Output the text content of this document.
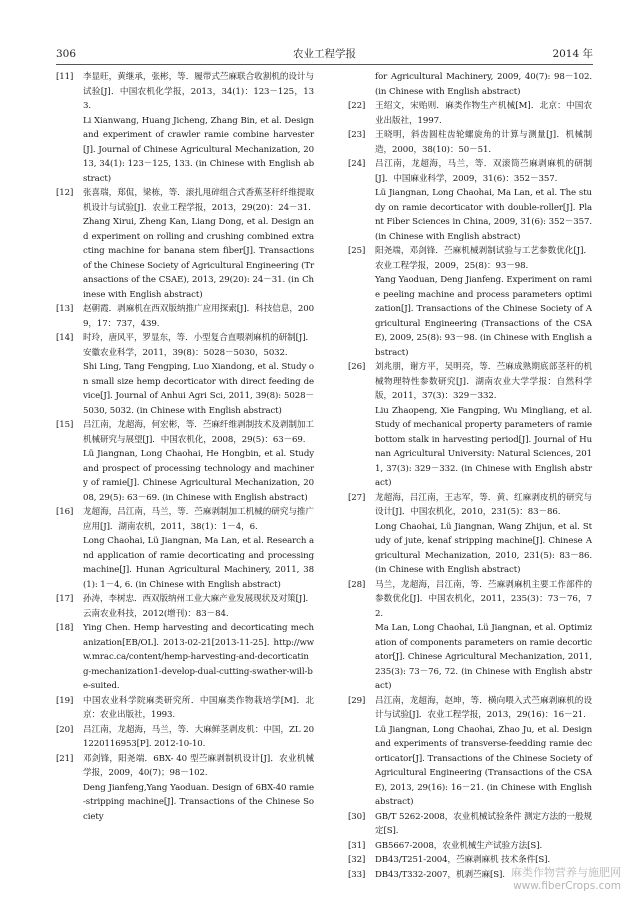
306	农业工程学报	2014 年
[11] 李显旺，黄继承，张彬，等．履带式苎麻联合收割机的设计与试验[J]．中国农机化学报，2013，34(1)：123－125，133.
Li Xianwang, Huang Jicheng, Zhang Bin, et al. Design and experiment of crawler ramie combine harvester[J]. Journal of Chinese Agricultural Mechanization, 2013, 34(1): 123－125, 133. (in Chinese with English abstract)
[12] 张喜瑞，郑侃，梁栋，等．滚扎甩碎组合式香蕉茎秆纤维提取机设计与试验[J]．农业工程学报，2013，29(20)：24－31.
Zhang Xirui, Zheng Kan, Liang Dong, et al. Design and experiment on rolling and crushing combined extracting machine for banana stem fiber[J]. Transactions of the Chinese Society of Agricultural Engineering (Transactions of the CSAE), 2013, 29(20): 24－31. (in Chinese with English abstract)
[13] 赵朝霞．剥麻机在西双版纳推广应用探索[J]．科技信息，2009，17：737，439.
[14] 时玲，唐风平，罗显东，等．小型复合直喂剥麻机的研制[J]．安徽农业科学，2011，39(8)：5028－5030，5032.
Shi Ling, Tang Fengping, Luo Xiandong, et al. Study on small size hemp decorticator with direct feeding device[J]. Journal of Anhui Agri Sci, 2011, 39(8): 5028－5030, 5032. (in Chinese with English abstract)
[15] 吕江南，龙超海，何宏彬，等．苎麻纤维剥制技术及剥制加工机械研究与展望[J]．中国农机化，2008，29(5)：63－69.
Lü Jiangnan, Long Chaohai, He Hongbin, et al. Study and prospect of processing technology and machinery of ramie[J]. Chinese Agricultural Mechanization, 2008, 29(5): 63－69. (in Chinese with English abstract)
[16] 龙超海，吕江南，马兰，等．苎麻剥制加工机械的研究与推广应用[J]．湖南农机，2011，38(1)：1－4，6.
Long Chaohai, Lü Jiangnan, Ma Lan, et al. Research and application of ramie decorticating and processing machine[J]. Hunan Agricultural Machinery, 2011, 38(1): 1－4, 6. (in Chinese with English abstract)
[17] 孙涛，李树忠．西双版纳州工业大麻产业发展现状及对策[J]．云南农业科技，2012(增刊)：83－84.
[18] Ying Chen. Hemp harvesting and decorticating mechanization[EB/OL]. 2013-02-21[2013-11-25]. http://www.mrac.ca/content/hemp-harvesting-and-decorticating-mechanization1-develop-dual-cutting-swather-will-be-suited.
[19] 中国农业科学院麻类研究所．中国麻类作物栽培学[M]．北京：农业出版社，1993.
[20] 吕江南，龙超海，马兰，等．大麻鲜茎剥皮机：中国，ZL 201220116953[P]. 2012-10-10.
[21] 邓剑锋，阳尧端．6BX- 40 型苎麻剥制机设计[J]．农业机械学报，2009，40(7)；98－102.
Deng Jianfeng,Yang Yaoduan. Design of 6BX-40 ramie-stripping machine[J]. Transactions of the Chinese Society
for Agricultural Machinery, 2009, 40(7): 98－102. (in Chinese with English abstract)
[22] 王绍文，宋贻则．麻类作物生产机械[M]．北京：中国农业出版社，1997.
[23] 王晓明，斜齿圆柱齿轮螺旋角的计算与测量[J]．机械制造，2000，38(10)：50－51.
[24] 吕江南，龙超海，马兰，等．双滚筒苎麻剥麻机的研制[J]．中国麻业科学，2009，31(6)：352－357.
Lü Jiangnan, Long Chaohai, Ma Lan, et al. The study on ramie decorticator with double-roller[J]. Plant Fiber Sciences in China, 2009, 31(6): 352－357. (in Chinese with English abstract)
[25] 阳尧端，邓剑锋．苎麻机械剥制试验与工艺参数优化[J]．农业工程学报，2009，25(8)：93－98.
Yang Yaoduan, Deng Jianfeng. Experiment on ramie peeling machine and process parameters optimization[J]. Transactions of the Chinese Society of Agricultural Engineering (Transactions of the CSAE), 2009, 25(8): 93－98. (in Chinese with English abstract)
[26] 刘兆朋，谢方平，吴明亮，等．苎麻成熟期底部茎秆的机械物理特性参数研究[J]．湖南农业大学学报：自然科学版，2011，37(3)：329－332.
Liu Zhaopeng, Xie Fangping, Wu Mingliang, et al. Study of mechanical property parameters of ramie bottom stalk in harvesting period[J]. Journal of Hunan Agricultural University: Natural Sciences, 2011, 37(3): 329－332. (in Chinese with English abstract)
[27] 龙超海，吕江南，王志军，等．黄、红麻剥皮机的研究与设计[J]．中国农机化，2010，231(5)：83－86.
Long Chaohai, Lü Jiangnan, Wang Zhijun, et al. Study of jute, kenaf stripping machine[J]. Chinese Agricultural Mechanization, 2010, 231(5): 83－86. (in Chinese with English abstract)
[28] 马兰，龙超海，吕江南，等．苎麻剥麻机主要工作部件的参数优化[J]．中国农机化，2011，235(3)：73－76，72.
Ma Lan, Long Chaohai, Lü Jiangnan, et al. Optimization of components parameters on ramie decorticator[J]. Chinese Agricultural Mechanization, 2011, 235(3): 73－76, 72. (in Chinese with English abstract)
[29] 吕江南，龙超海，赵坤，等．横向喂入式苎麻剥麻机的设计与试验[J]．农业工程学报，2013，29(16)：16－21.
Lü Jiangnan, Long Chaohai, Zhao Ju, et al. Design and experiments of transverse-feedding ramie decorticator[J]. Transactions of the Chinese Society of Agricultural Engineering (Transactions of the CSAE), 2013, 29(16): 16－21. (in Chinese with English abstract)
[30] GB/T 5262-2008，农业机械试验条件 测定方法的一般规定[S].
[31] GB5667-2008，农业机械生产试验方法[S].
[32] DB43/T251-2004，苎麻剥麻机 技术条件[S].
[33] DB43/T332-2007，机剥苎麻[S]. 麻类作物营养与施肥网
www.fiberCrops.com
